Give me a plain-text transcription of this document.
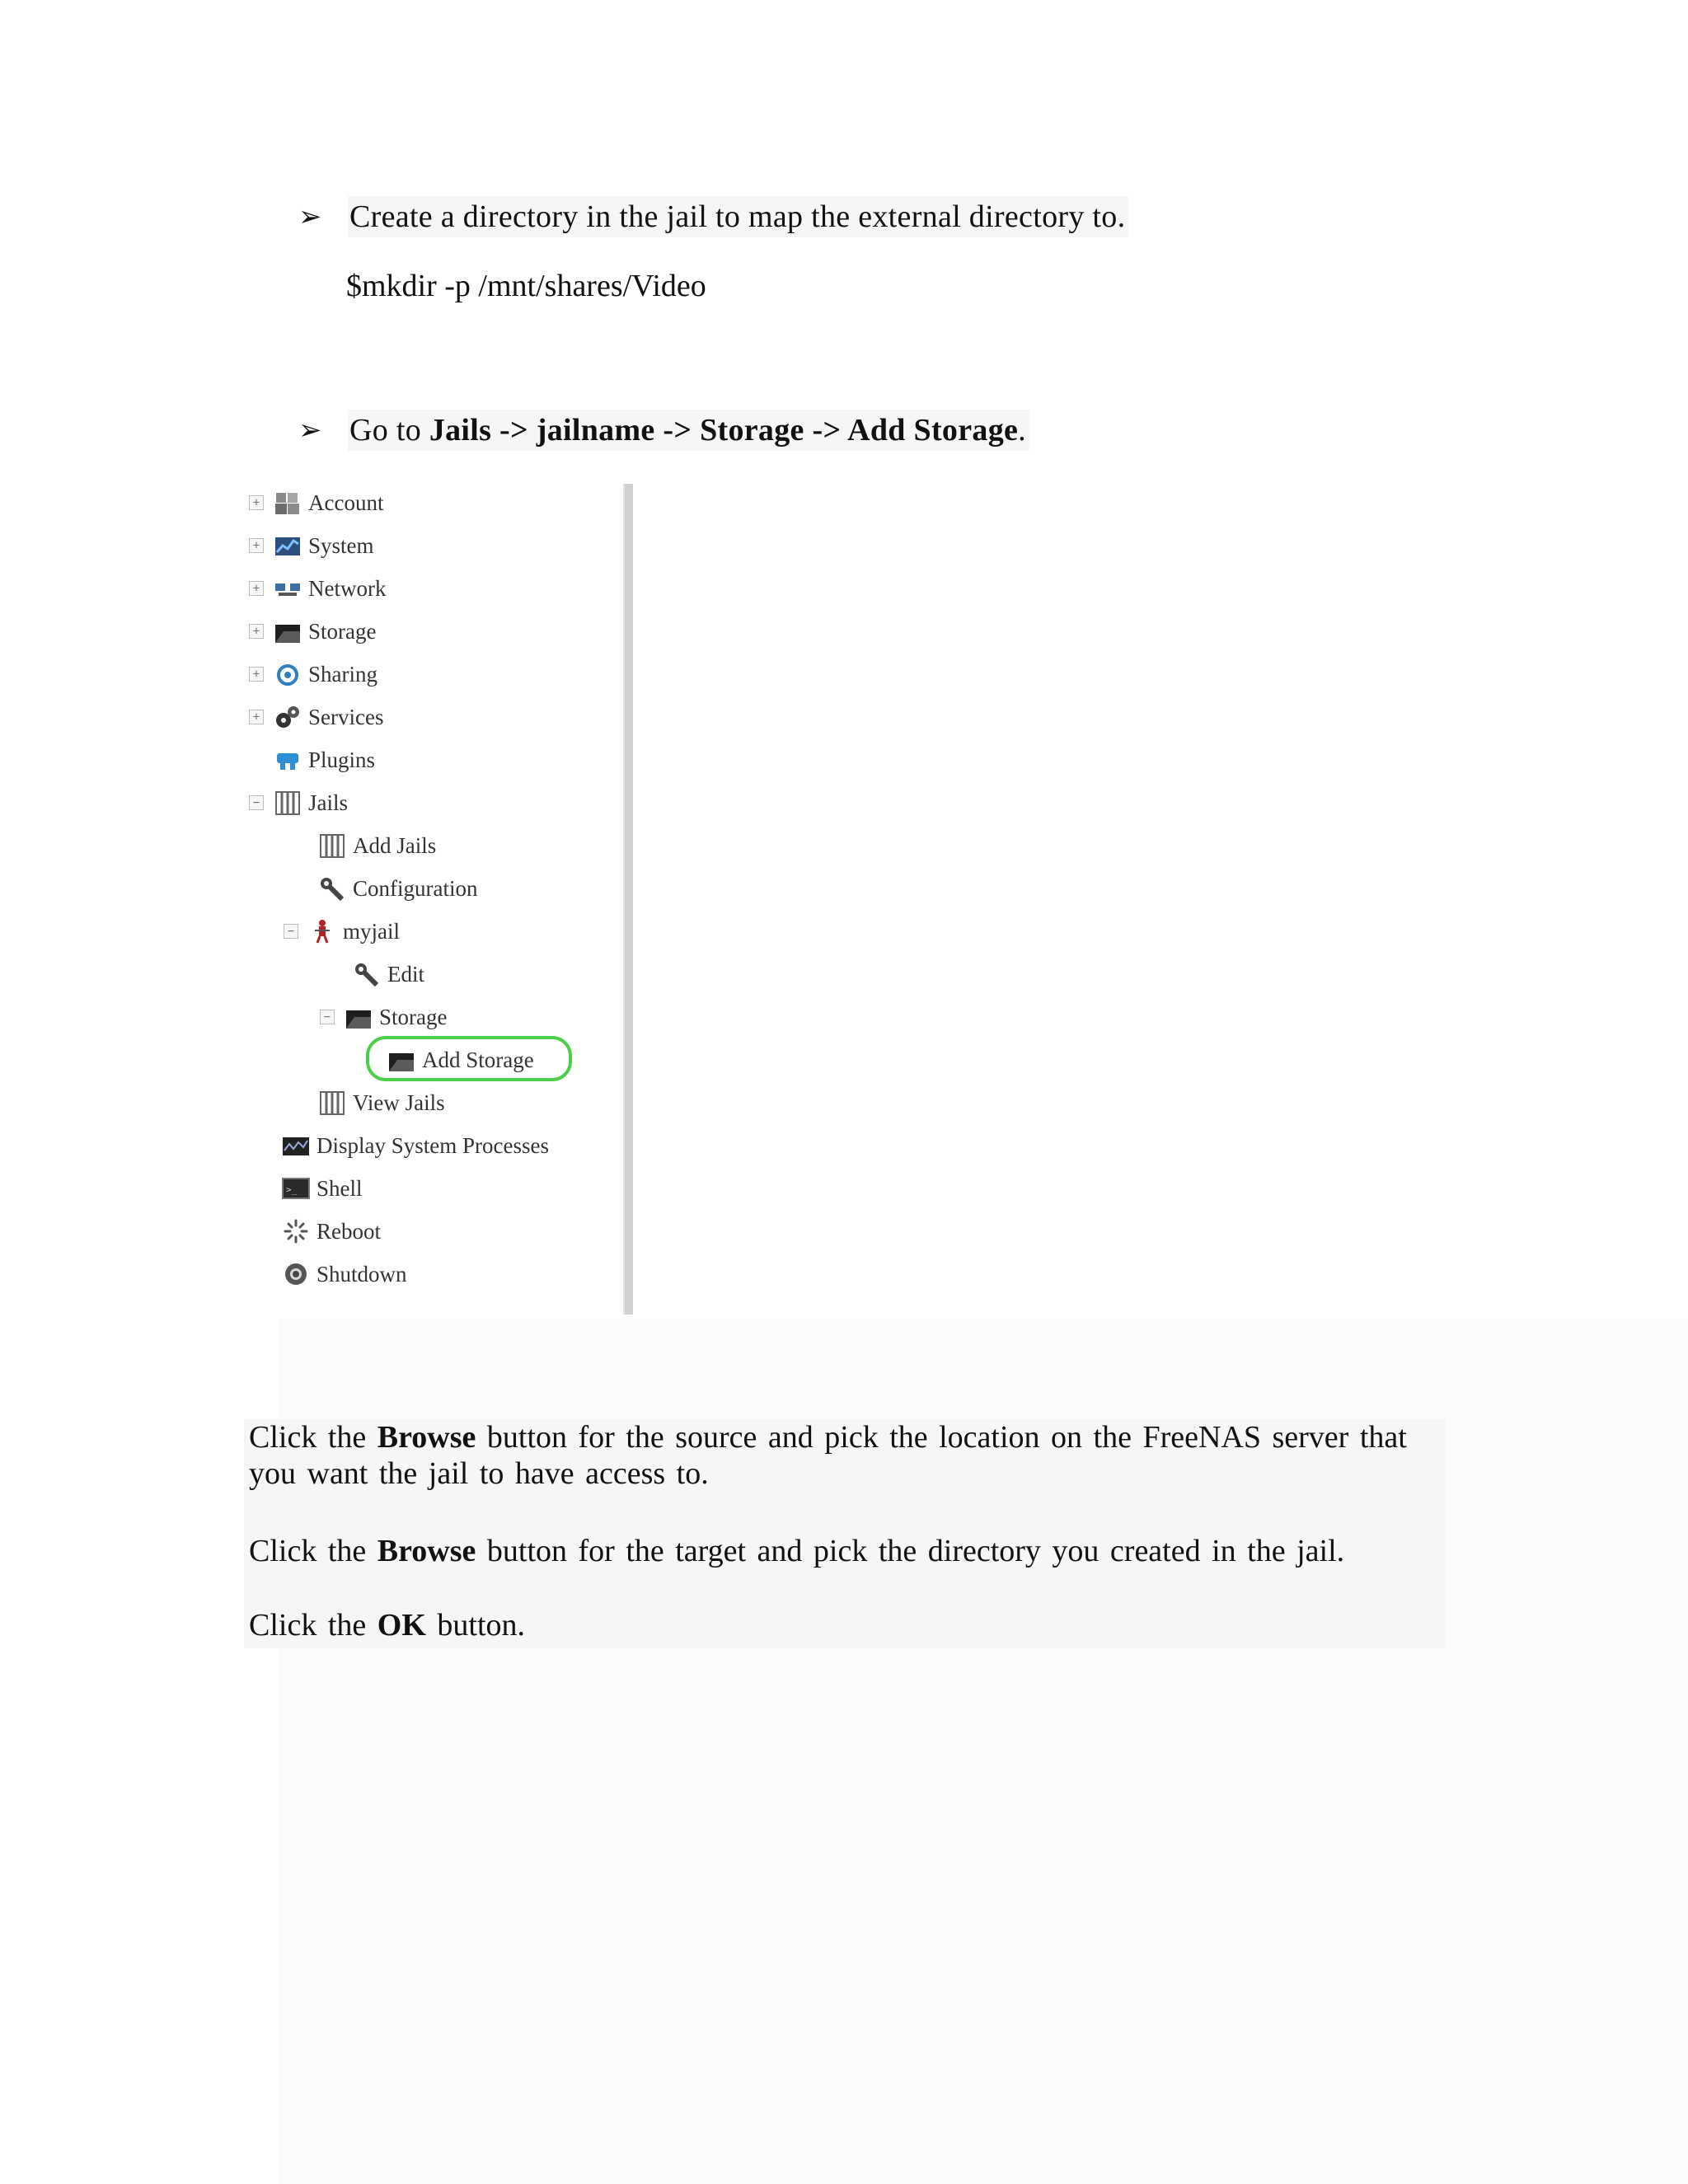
➢ Create a directory in the jail to map the external directory to.
$mkdir -p /mnt/shares/Video
➢ Go to Jails -> jailname -> Storage -> Add Storage.
+ Account
+ System
+ Network
+ Storage
+ Sharing
+ Services
Plugins
− Jails
Add Jails
Configuration
− myjail
Edit
− Storage
Add Storage
View Jails
Display System Processes
>_ Shell
Reboot
Shutdown
Click the Browse button for the source and pick the location on the FreeNAS server that
you want the jail to have access to.
Click the Browse button for the target and pick the directory you created in the jail.
Click the OK button.
